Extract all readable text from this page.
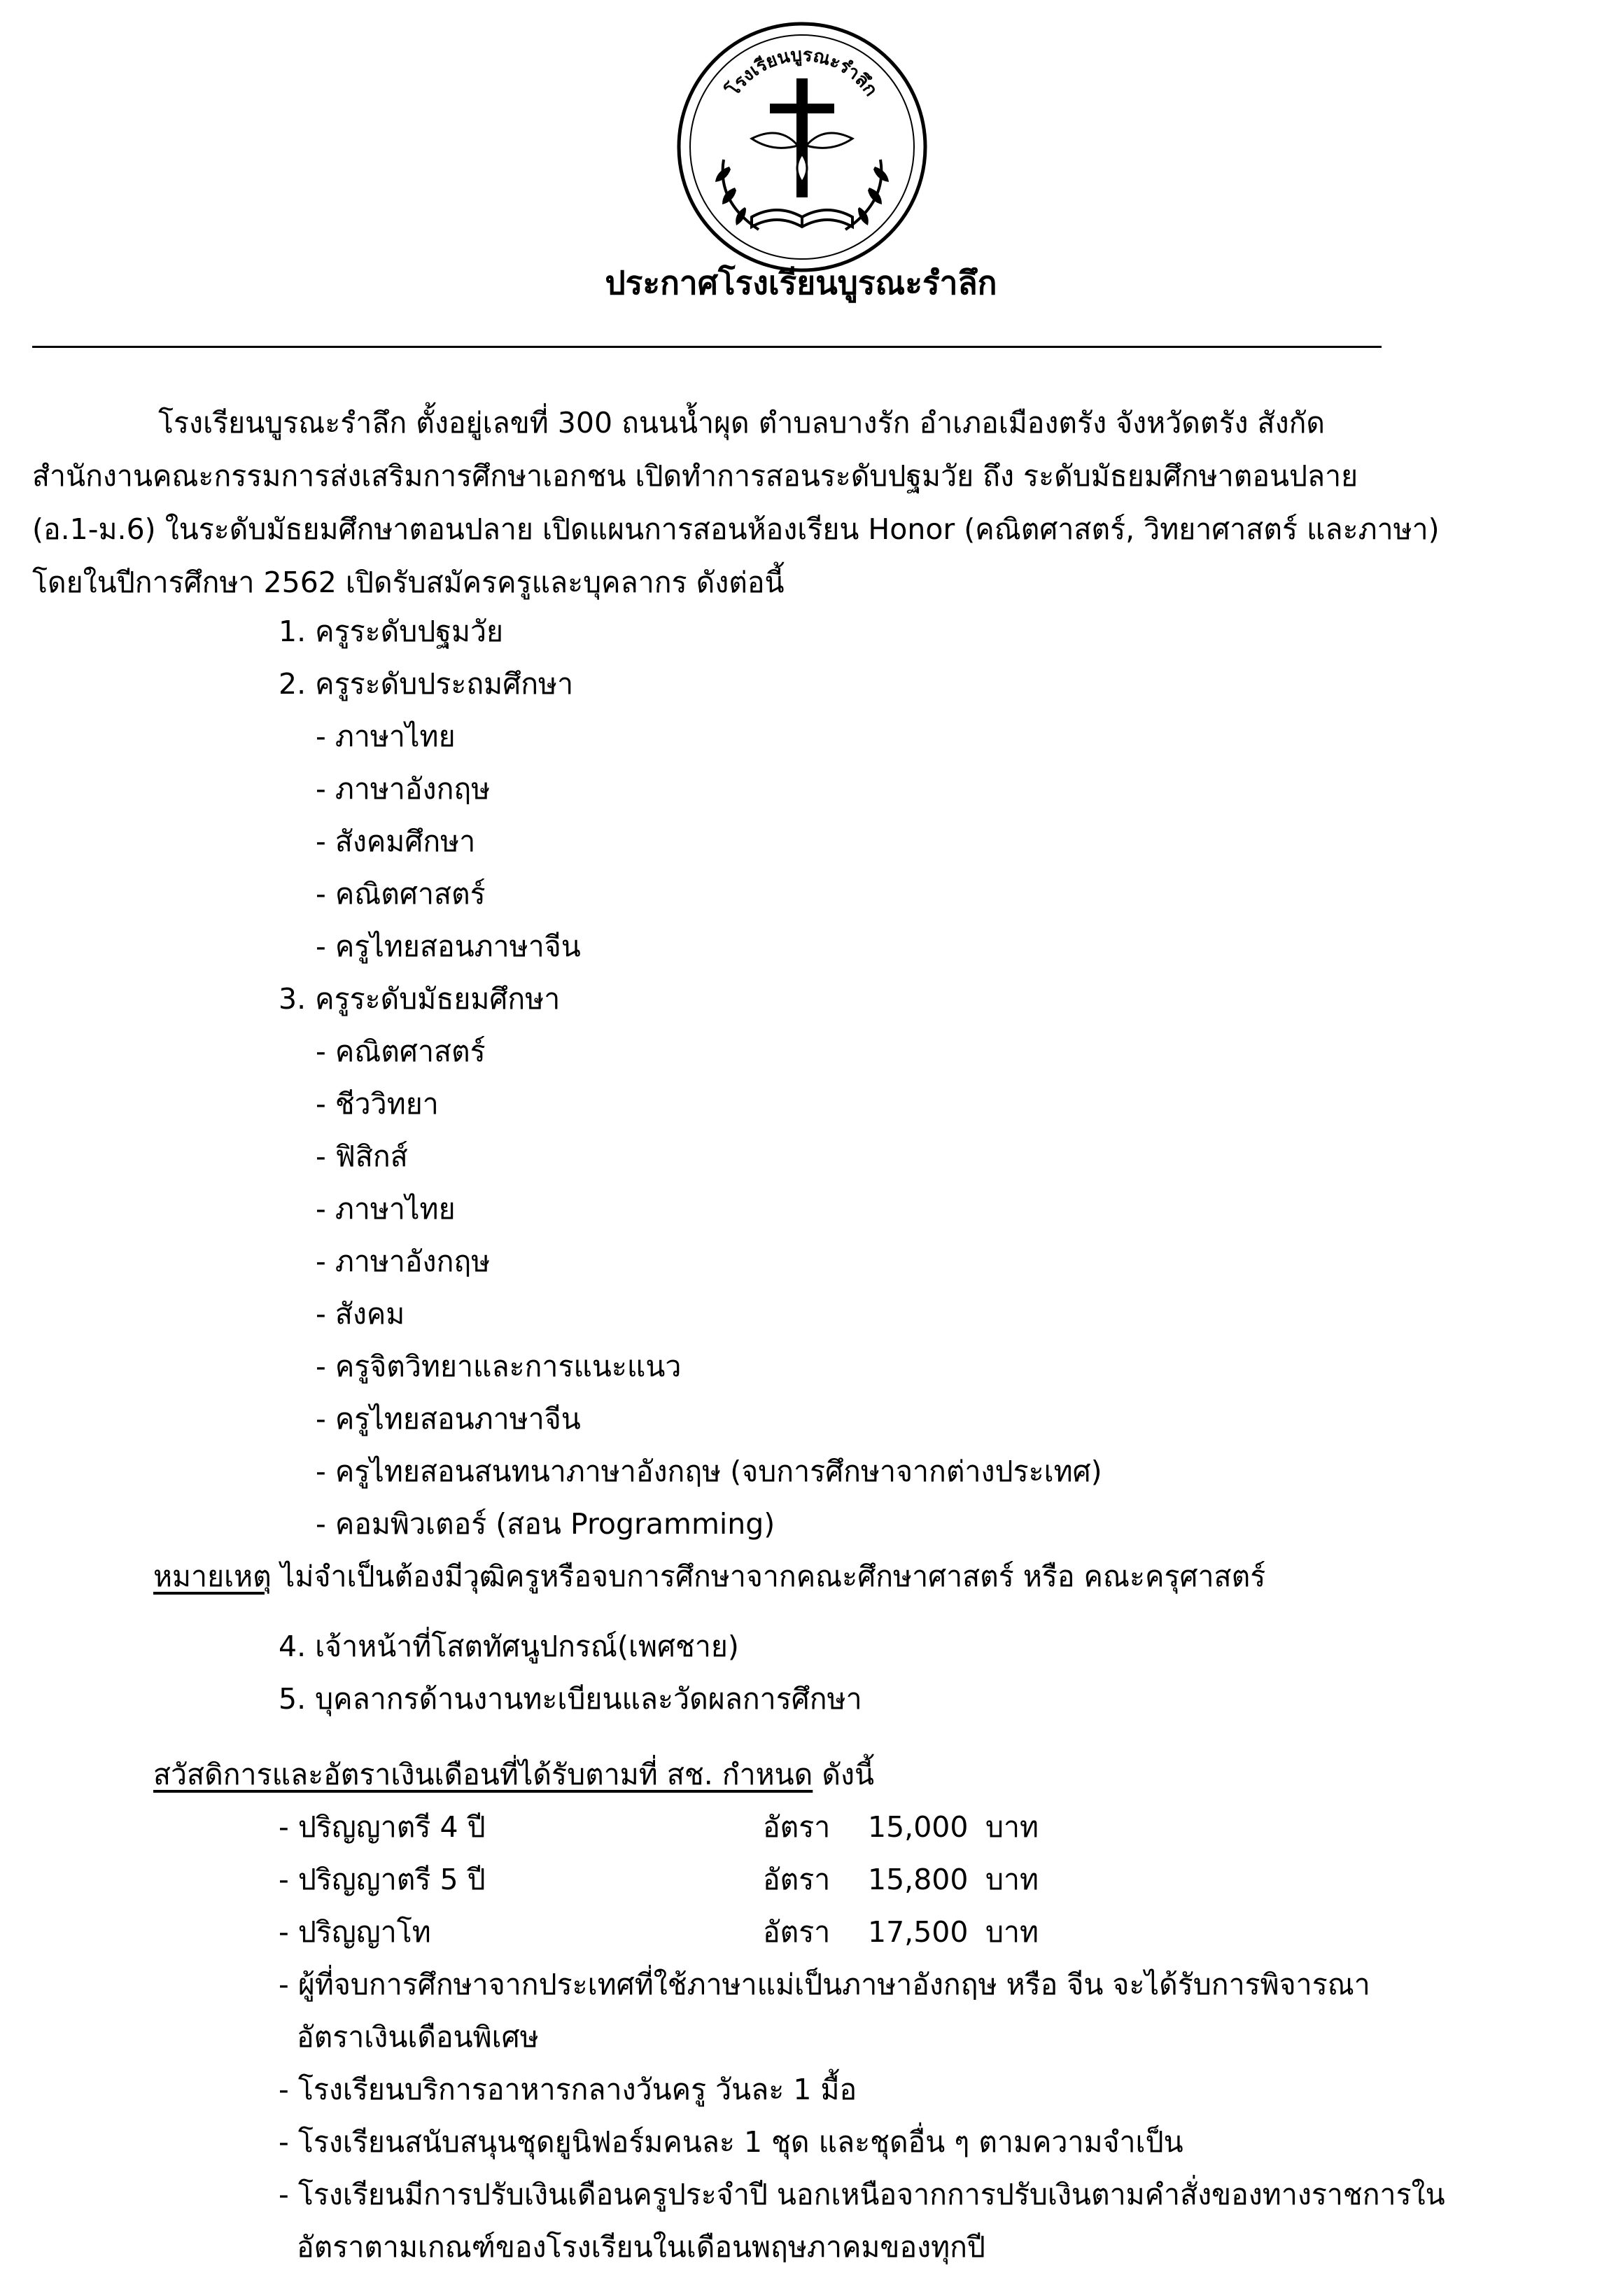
โรงเรียนบูรณะรำลึก
ประกาศโรงเรียนบูรณะรำลึก
โรงเรียนบูรณะรำลึก ตั้งอยู่เลขที่ 300 ถนนน้ำผุด ตำบลบางรัก อำเภอเมืองตรัง จังหวัดตรัง สังกัด
สำนักงานคณะกรรมการส่งเสริมการศึกษาเอกชน เปิดทำการสอนระดับปฐมวัย ถึง ระดับมัธยมศึกษาตอนปลาย
(อ.1-ม.6) ในระดับมัธยมศึกษาตอนปลาย เปิดแผนการสอนห้องเรียน Honor (คณิตศาสตร์, วิทยาศาสตร์ และภาษา)
โดยในปีการศึกษา 2562 เปิดรับสมัครครูและบุคลากร ดังต่อนี้
1. ครูระดับปฐมวัย
2. ครูระดับประถมศึกษา
- ภาษาไทย
- ภาษาอังกฤษ
- สังคมศึกษา
- คณิตศาสตร์
- ครูไทยสอนภาษาจีน
3. ครูระดับมัธยมศึกษา
- คณิตศาสตร์
- ชีววิทยา
- ฟิสิกส์
- ภาษาไทย
- ภาษาอังกฤษ
- สังคม
- ครูจิตวิทยาและการแนะแนว
- ครูไทยสอนภาษาจีน
- ครูไทยสอนสนทนาภาษาอังกฤษ (จบการศึกษาจากต่างประเทศ)
- คอมพิวเตอร์ (สอน Programming)
หมายเหตุ ไม่จำเป็นต้องมีวุฒิครูหรือจบการศึกษาจากคณะศึกษาศาสตร์ หรือ คณะครุศาสตร์
4. เจ้าหน้าที่โสตทัศนูปกรณ์(เพศชาย)
5. บุคลากรด้านงานทะเบียนและวัดผลการศึกษา
สวัสดิการและอัตราเงินเดือนที่ได้รับตามที่ สช. กำหนด ดังนี้
- ปริญญาตรี 4 ปี	อัตรา 15,000 บาท
- ปริญญาตรี 5 ปี	อัตรา 15,800 บาท
- ปริญญาโท	อัตรา 17,500 บาท
- ผู้ที่จบการศึกษาจากประเทศที่ใช้ภาษาแม่เป็นภาษาอังกฤษ หรือ จีน จะได้รับการพิจารณา
อัตราเงินเดือนพิเศษ
- โรงเรียนบริการอาหารกลางวันครู วันละ 1 มื้อ
- โรงเรียนสนับสนุนชุดยูนิฟอร์มคนละ 1 ชุด และชุดอื่น ๆ ตามความจำเป็น
- โรงเรียนมีการปรับเงินเดือนครูประจำปี นอกเหนือจากการปรับเงินตามคำสั่งของทางราชการใน
อัตราตามเกณฑ์ของโรงเรียนในเดือนพฤษภาคมของทุกปี
